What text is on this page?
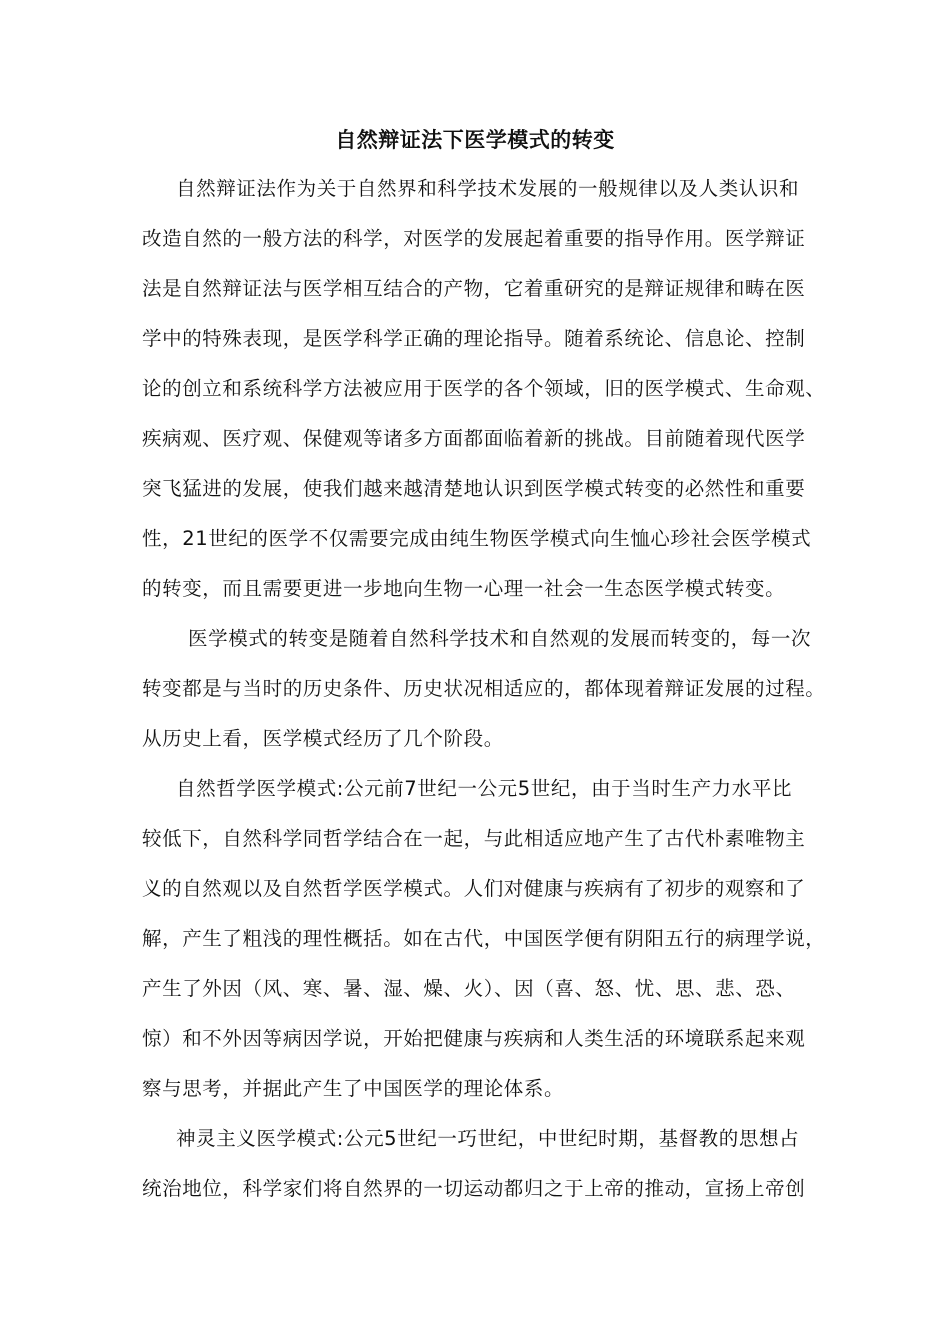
自然辩证法下医学模式的转变
自然辩证法作为关于自然界和科学技术发展的一般规律以及人类认识和
改造自然的一般方法的科学，对医学的发展起着重要的指导作用。医学辩证
法是自然辩证法与医学相互结合的产物，它着重研究的是辩证规律和畴在医
学中的特殊表现，是医学科学正确的理论指导。随着系统论、信息论、控制
论的创立和系统科学方法被应用于医学的各个领域，旧的医学模式、生命观、
疾病观、医疗观、保健观等诸多方面都面临着新的挑战。目前随着现代医学
突飞猛进的发展，使我们越来越清楚地认识到医学模式转变的必然性和重要
性，21世纪的医学不仅需要完成由纯生物医学模式向生恤心珍社会医学模式
的转变，而且需要更进一步地向生物一心理一社会一生态医学模式转变。
医学模式的转变是随着自然科学技术和自然观的发展而转变的，每一次
转变都是与当时的历史条件、历史状况相适应的，都体现着辩证发展的过程。
从历史上看，医学模式经历了几个阶段。
自然哲学医学模式:公元前7世纪一公元5世纪，由于当时生产力水平比
较低下，自然科学同哲学结合在一起，与此相适应地产生了古代朴素唯物主
义的自然观以及自然哲学医学模式。人们对健康与疾病有了初步的观察和了
解，产生了粗浅的理性概括。如在古代，中国医学便有阴阳五行的病理学说，
产生了外因（风、寒、暑、湿、燥、火）、因（喜、怒、忧、思、悲、恐、
惊）和不外因等病因学说，开始把健康与疾病和人类生活的环境联系起来观
察与思考，并据此产生了中国医学的理论体系。
神灵主义医学模式:公元5世纪一巧世纪，中世纪时期，基督教的思想占
统治地位，科学家们将自然界的一切运动都归之于上帝的推动，宣扬上帝创
